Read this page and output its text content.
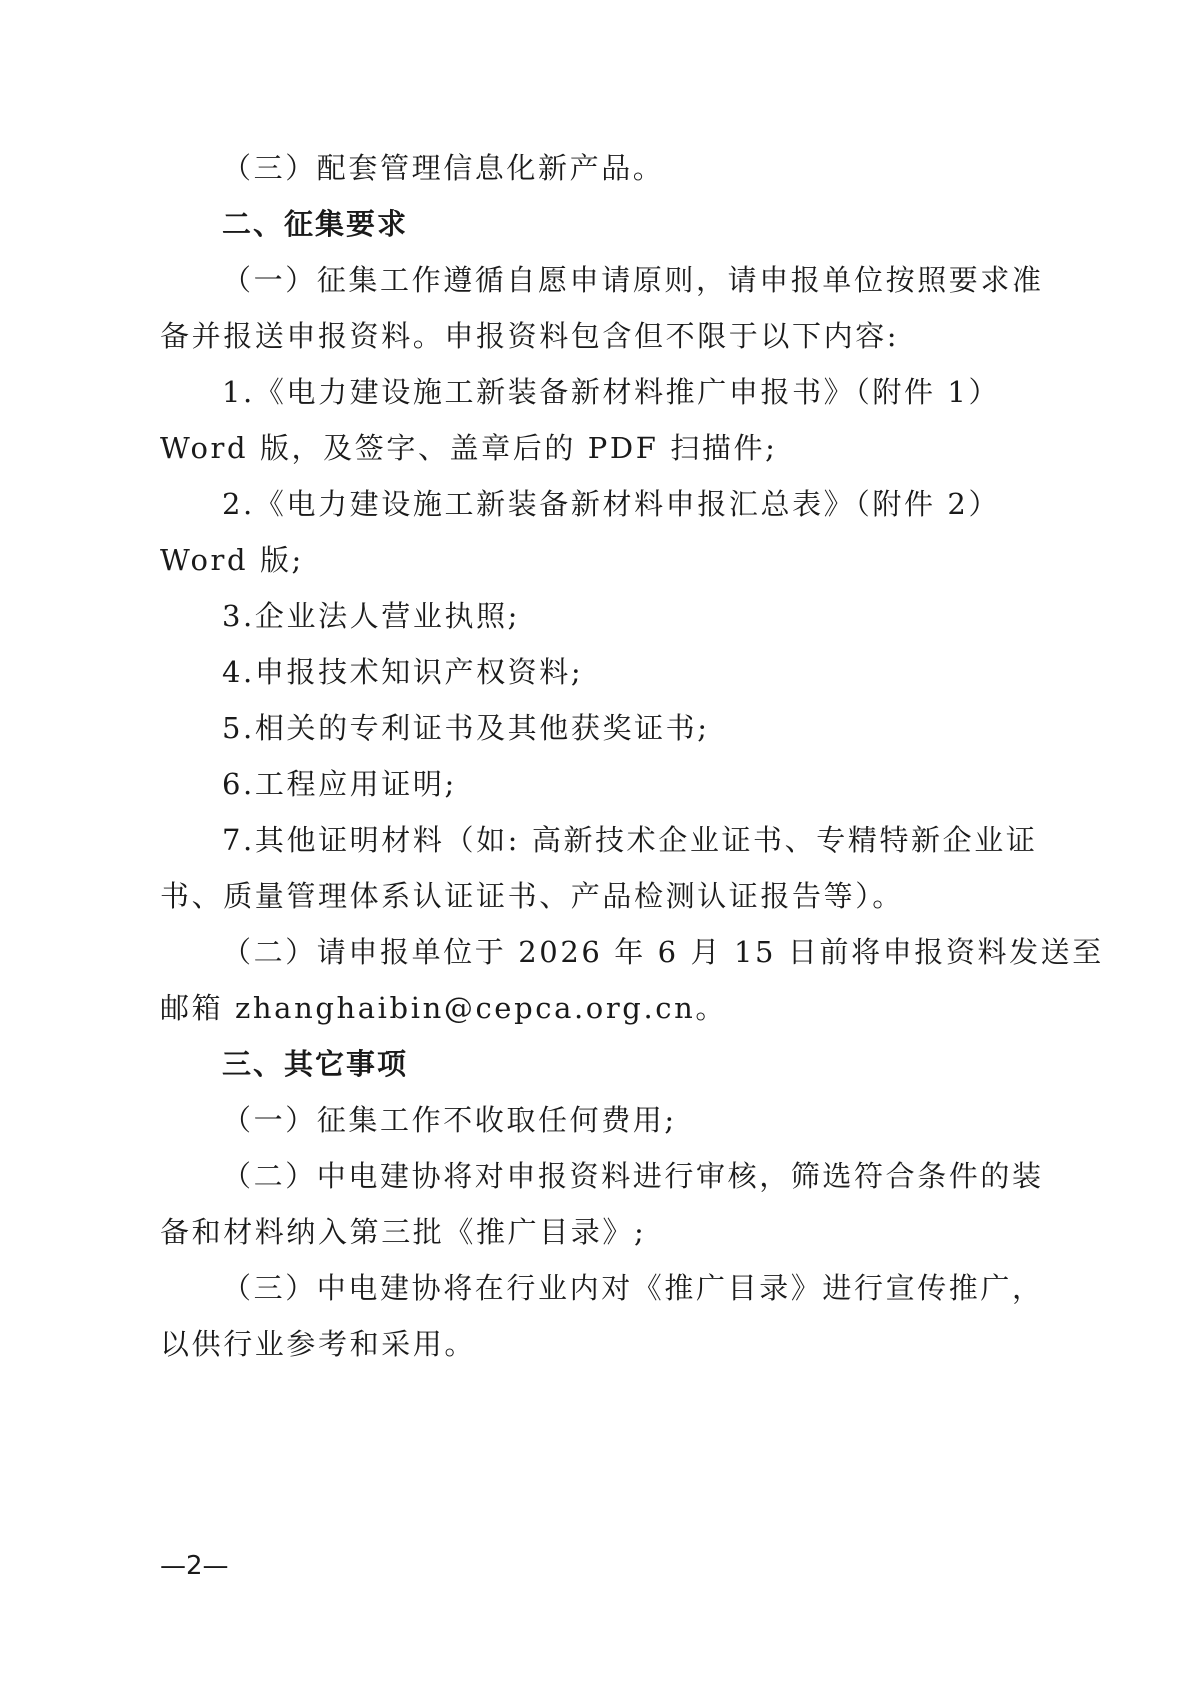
（三）配套管理信息化新产品。
二、征集要求
（一）征集工作遵循自愿申请原则，请申报单位按照要求准
备并报送申报资料。申报资料包含但不限于以下内容:
1.《电力建设施工新装备新材料推广申报书》（附件 1）
Word 版，及签字、盖章后的 PDF 扫描件;
2.《电力建设施工新装备新材料申报汇总表》（附件 2）
Word 版;
3.企业法人营业执照;
4.申报技术知识产权资料;
5.相关的专利证书及其他获奖证书;
6.工程应用证明;
7.其他证明材料（如: 高新技术企业证书、专精特新企业证
书、质量管理体系认证证书、产品检测认证报告等）。
（二）请申报单位于 2026 年 6 月 15 日前将申报资料发送至
邮箱 zhanghaibin@cepca.org.cn。
三、其它事项
（一）征集工作不收取任何费用;
（二）中电建协将对申报资料进行审核，筛选符合条件的装
备和材料纳入第三批《推广目录》;
（三）中电建协将在行业内对《推广目录》进行宣传推广，
以供行业参考和采用。
—2—
